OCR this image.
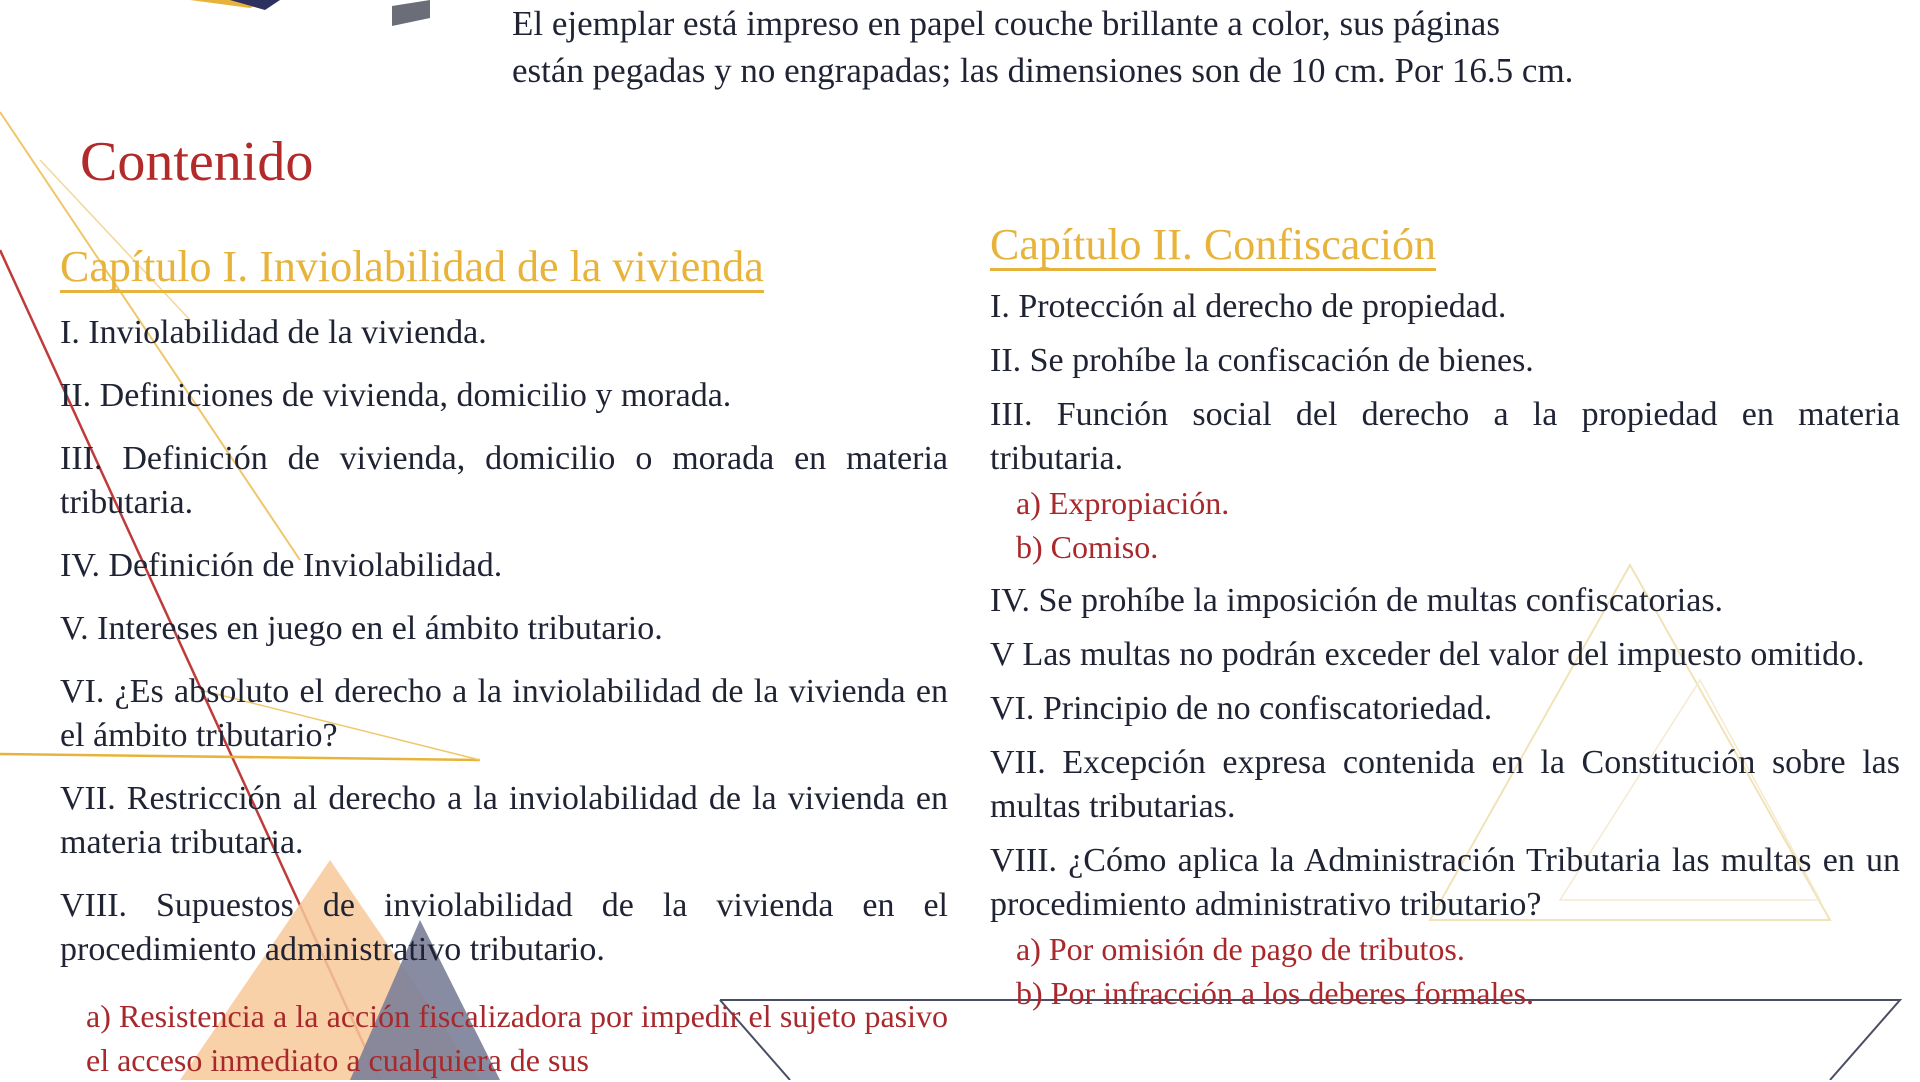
El ejemplar está impreso en papel couche brillante a color, sus páginas
están pegadas y no engrapadas; las dimensiones son de 10 cm. Por 16.5 cm.
Contenido
Capítulo I. Inviolabilidad de la vivienda

I. Inviolabilidad de la vivienda.

II. Definiciones de vivienda, domicilio y morada.

III. Definición de vivienda, domicilio o morada en materia tributaria.

IV. Definición de Inviolabilidad.

V. Intereses en juego en el ámbito tributario.

VI. ¿Es absoluto el derecho a la inviolabilidad de la vivienda en el ámbito tributario?

VII. Restricción al derecho a la inviolabilidad de la vivienda en materia tributaria.

VIII. Supuestos de inviolabilidad de la vivienda en el procedimiento administrativo tributario.

a) Resistencia a la acción fiscalizadora por impedir el sujeto pasivo el acceso inmediato a cualquiera de sus

Capítulo II. Confiscación

I. Protección al derecho de propiedad.

II. Se prohíbe la confiscación de bienes.

III. Función social del derecho a la propiedad en materia tributaria.

a) Expropiación.

b) Comiso.

IV. Se prohíbe la imposición de multas confiscatorias.

V Las multas no podrán exceder del valor del impuesto omitido.

VI. Principio de no confiscatoriedad.

VII. Excepción expresa contenida en la Constitución sobre las multas tributarias.

VIII. ¿Cómo aplica la Administración Tributaria las multas en un procedimiento administrativo tributario?

a) Por omisión de pago de tributos.

b) Por infracción a los deberes formales.
